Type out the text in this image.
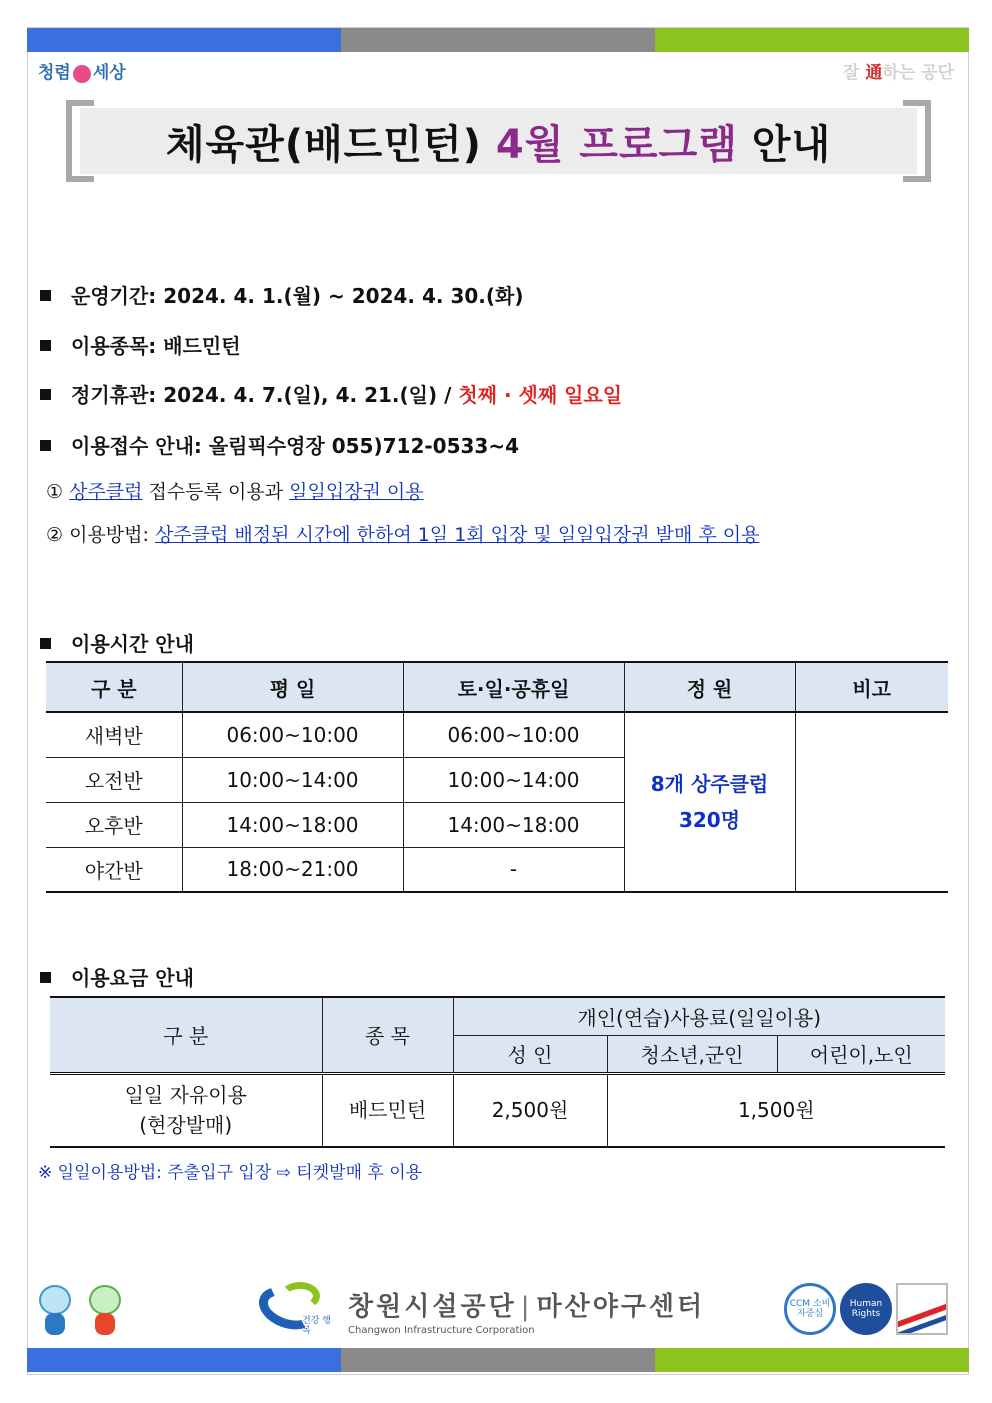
청렴 세상	잘 通하는 공단
체육관(배드민턴) 4월 프로그램 안내
운영기간: 2024. 4. 1.(월) ~ 2024. 4. 30.(화)
이용종목: 배드민턴
정기휴관: 2024. 4. 7.(일), 4. 21.(일) / 첫째 · 셋째 일요일
이용접수 안내: 올림픽수영장 055)712-0533~4
① 상주클럽 접수등록 이용과 일일입장권 이용
② 이용방법: 상주클럽 배정된 시간에 한하여 1일 1회 입장 및 일일입장권 발매 후 이용
이용시간 안내
구 분	평 일	토·일·공휴일	정 원	비고
새벽반	06:00~10:00	06:00~10:00	8개 상주클럽
320명	

오전반	10:00~14:00	10:00~14:00		
오후반	14:00~18:00	14:00~18:00		
야간반	18:00~21:00	-		
이용요금 안내
구 분	종 목	개인(연습)사용료(일일이용)		
		성 인	청소년,군인	어린이,노인

일일 자유이용
(현장발매)	배드민턴	2,500원	1,500원	
※ 일일이용방법: 주출입구 입장 ⇨ 티켓발매 후 이용
건강 행복
창원시설공단 | 마산야구센터
Changwon Infrastructure Corporation
CCM 소비자중심
Human Rights
